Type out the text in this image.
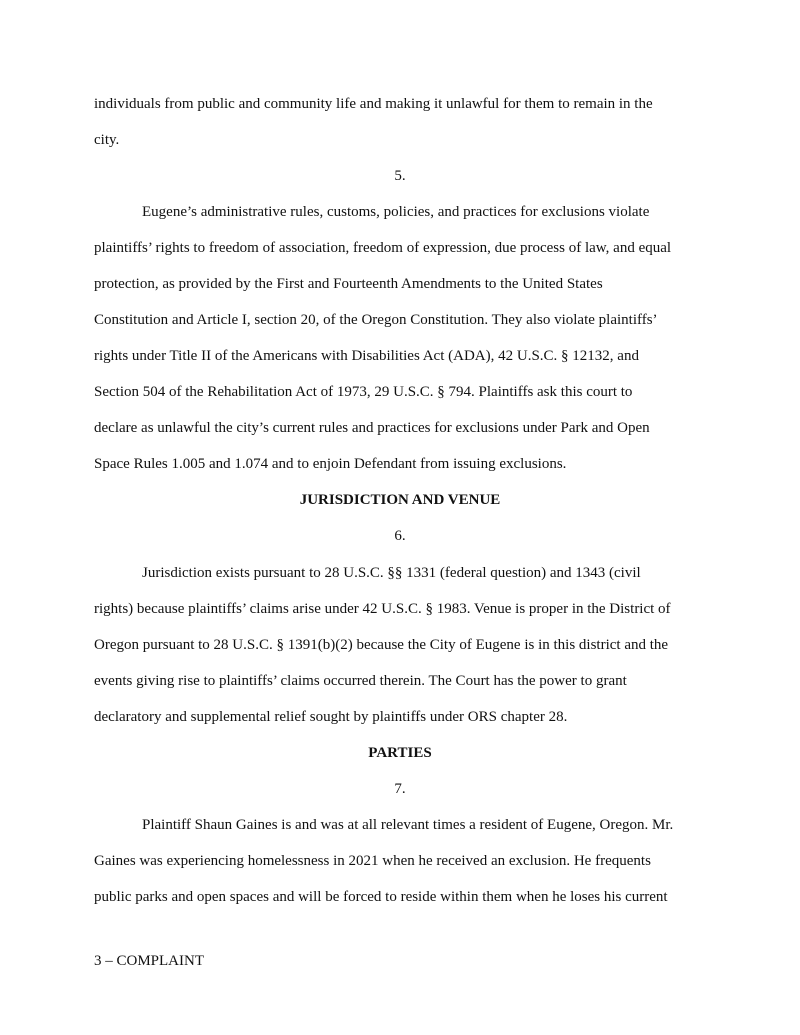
individuals from public and community life and making it unlawful for them to remain in the
city.
5.
Eugene’s administrative rules, customs, policies, and practices for exclusions violate
plaintiffs’ rights to freedom of association, freedom of expression, due process of law, and equal
protection, as provided by the First and Fourteenth Amendments to the United States
Constitution and Article I, section 20, of the Oregon Constitution. They also violate plaintiffs’
rights under Title II of the Americans with Disabilities Act (ADA), 42 U.S.C. § 12132, and
Section 504 of the Rehabilitation Act of 1973, 29 U.S.C. § 794. Plaintiffs ask this court to
declare as unlawful the city’s current rules and practices for exclusions under Park and Open
Space Rules 1.005 and 1.074 and to enjoin Defendant from issuing exclusions.
JURISDICTION AND VENUE
6.
Jurisdiction exists pursuant to 28 U.S.C. §§ 1331 (federal question) and 1343 (civil
rights) because plaintiffs’ claims arise under 42 U.S.C. § 1983. Venue is proper in the District of
Oregon pursuant to 28 U.S.C. § 1391(b)(2) because the City of Eugene is in this district and the
events giving rise to plaintiffs’ claims occurred therein. The Court has the power to grant
declaratory and supplemental relief sought by plaintiffs under ORS chapter 28.
PARTIES
7.
Plaintiff Shaun Gaines is and was at all relevant times a resident of Eugene, Oregon. Mr.
Gaines was experiencing homelessness in 2021 when he received an exclusion. He frequents
public parks and open spaces and will be forced to reside within them when he loses his current
3 – COMPLAINT
